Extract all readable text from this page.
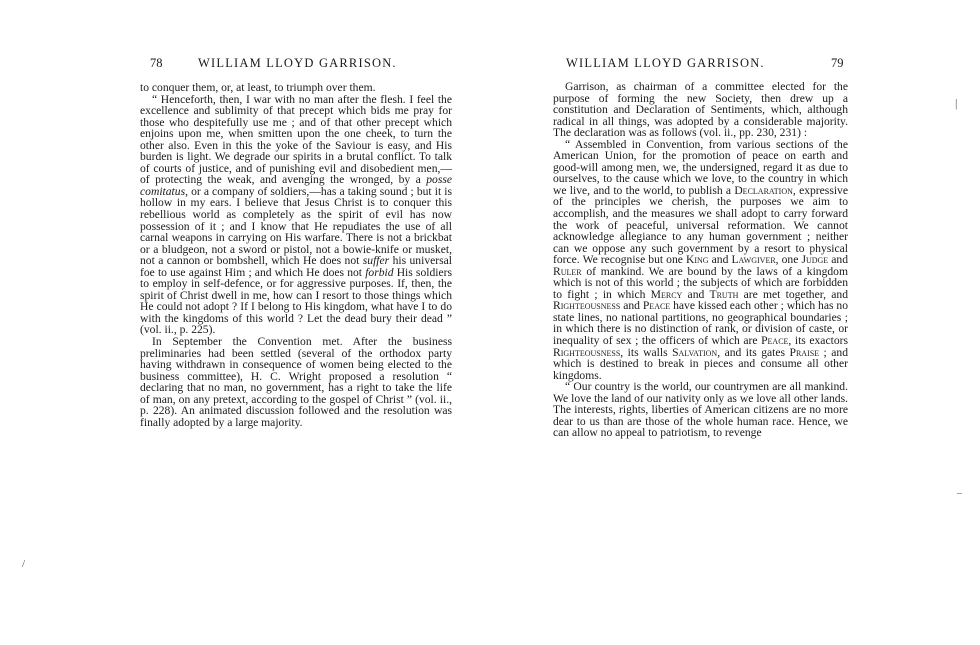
78	WILLIAM LLOYD GARRISON.

to conquer them, or, at least, to triumph over them.

“ Henceforth, then, I war with no man after the flesh. I feel the excellence and sublimity of that precept which bids me pray for those who despitefully use me ; and of that other precept which enjoins upon me, when smitten upon the one cheek, to turn the other also. Even in this the yoke of the Saviour is easy, and His burden is light. We degrade our spirits in a brutal conflict. To talk of courts of justice, and of punishing evil and disobedient men,—of protecting the weak, and avenging the wronged, by a posse comitatus, or a company of soldiers,—has a taking sound ; but it is hollow in my ears. I believe that Jesus Christ is to conquer this rebellious world as completely as the spirit of evil has now possession of it ; and I know that He repudiates the use of all carnal weapons in carrying on His warfare. There is not a brickbat or a bludgeon, not a sword or pistol, not a bowie-knife or musket, not a cannon or bombshell, which He does not suffer his universal foe to use against Him ; and which He does not forbid His soldiers to employ in self-defence, or for aggressive purposes. If, then, the spirit of Christ dwell in me, how can I resort to those things which He could not adopt ? If I belong to His kingdom, what have I to do with the kingdoms of this world ? Let the dead bury their dead ” (vol. ii., p. 225).

In September the Convention met. After the business preliminaries had been settled (several of the orthodox party having withdrawn in consequence of women being elected to the business committee), H. C. Wright proposed a resolution “ declaring that no man, no government, has a right to take the life of man, on any pretext, according to the gospel of Christ ” (vol. ii., p. 228). An animated discussion followed and the resolution was finally adopted by a large majority.

WILLIAM LLOYD GARRISON.	79

Garrison, as chairman of a committee elected for the purpose of forming the new Society, then drew up a constitution and Declaration of Sentiments, which, although radical in all things, was adopted by a considerable majority. The declaration was as follows (vol. ii., pp. 230, 231) :

“ Assembled in Convention, from various sections of the American Union, for the promotion of peace on earth and good-will among men, we, the undersigned, regard it as due to ourselves, to the cause which we love, to the country in which we live, and to the world, to publish a Declaration, expressive of the principles we cherish, the purposes we aim to accomplish, and the measures we shall adopt to carry forward the work of peaceful, universal reformation. We cannot acknowledge allegiance to any human government ; neither can we oppose any such government by a resort to physical force. We recognise but one King and Lawgiver, one Judge and Ruler of mankind. We are bound by the laws of a kingdom which is not of this world ; the subjects of which are forbidden to fight ; in which Mercy and Truth are met together, and Righteousness and Peace have kissed each other ; which has no state lines, no national partitions, no geographical boundaries ; in which there is no distinction of rank, or division of caste, or inequality of sex ; the officers of which are Peace, its exactors Righteousness, its walls Salvation, and its gates Praise ; and which is destined to break in pieces and consume all other kingdoms.

“ Our country is the world, our countrymen are all mankind. We love the land of our nativity only as we love all other lands. The interests, rights, liberties of American citizens are no more dear to us than are those of the whole human race. Hence, we can allow no appeal to patriotism, to revenge

|
–
/
